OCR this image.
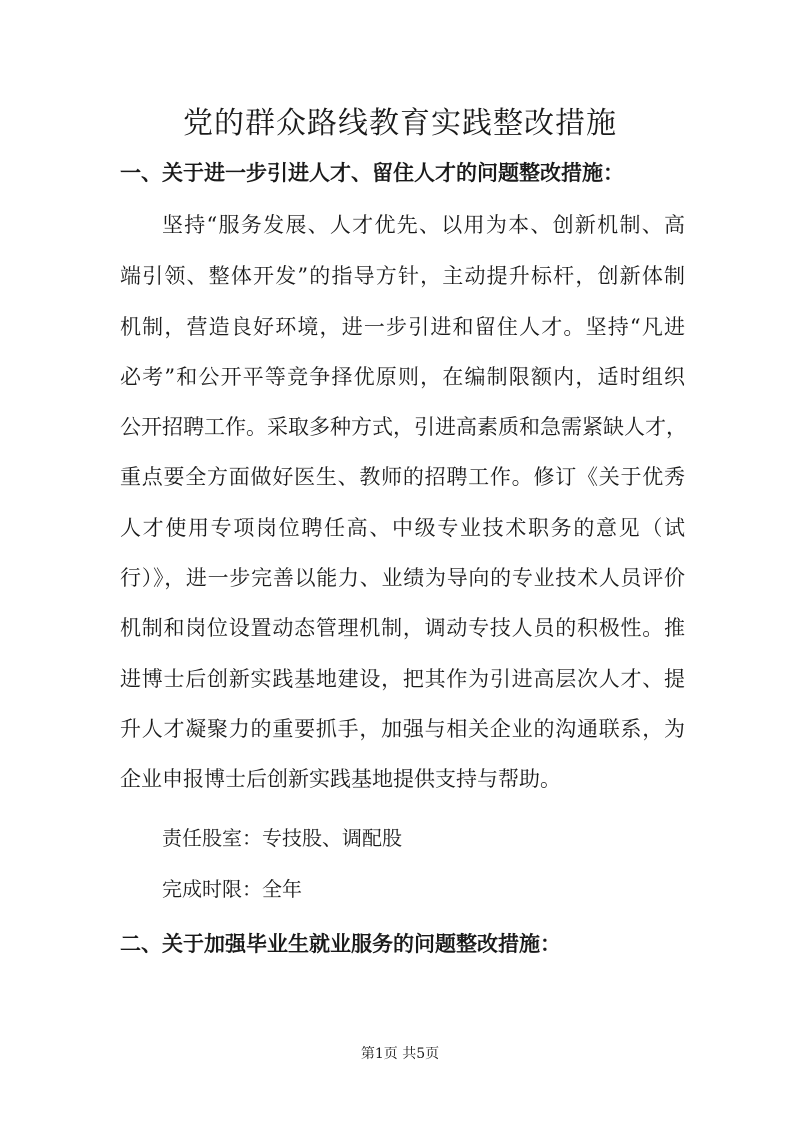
党的群众路线教育实践整改措施
一、关于进一步引进人才、留住人才的问题整改措施：

坚持“服务发展、人才优先、以用为本、创新机制、高

端引领、整体开发”的指导方针，主动提升标杆，创新体制

机制，营造良好环境，进一步引进和留住人才。坚持“凡进

必考”和公开平等竞争择优原则，在编制限额内，适时组织

公开招聘工作。采取多种方式，引进高素质和急需紧缺人才，

重点要全方面做好医生、教师的招聘工作。修订《关于优秀

人才使用专项岗位聘任高、中级专业技术职务的意见（试

行）》，进一步完善以能力、业绩为导向的专业技术人员评价

机制和岗位设置动态管理机制，调动专技人员的积极性。推

进博士后创新实践基地建设，把其作为引进高层次人才、提

升人才凝聚力的重要抓手，加强与相关企业的沟通联系，为

企业申报博士后创新实践基地提供支持与帮助。

责任股室：专技股、调配股

完成时限：全年

二、关于加强毕业生就业服务的问题整改措施：

第1页 共5页
